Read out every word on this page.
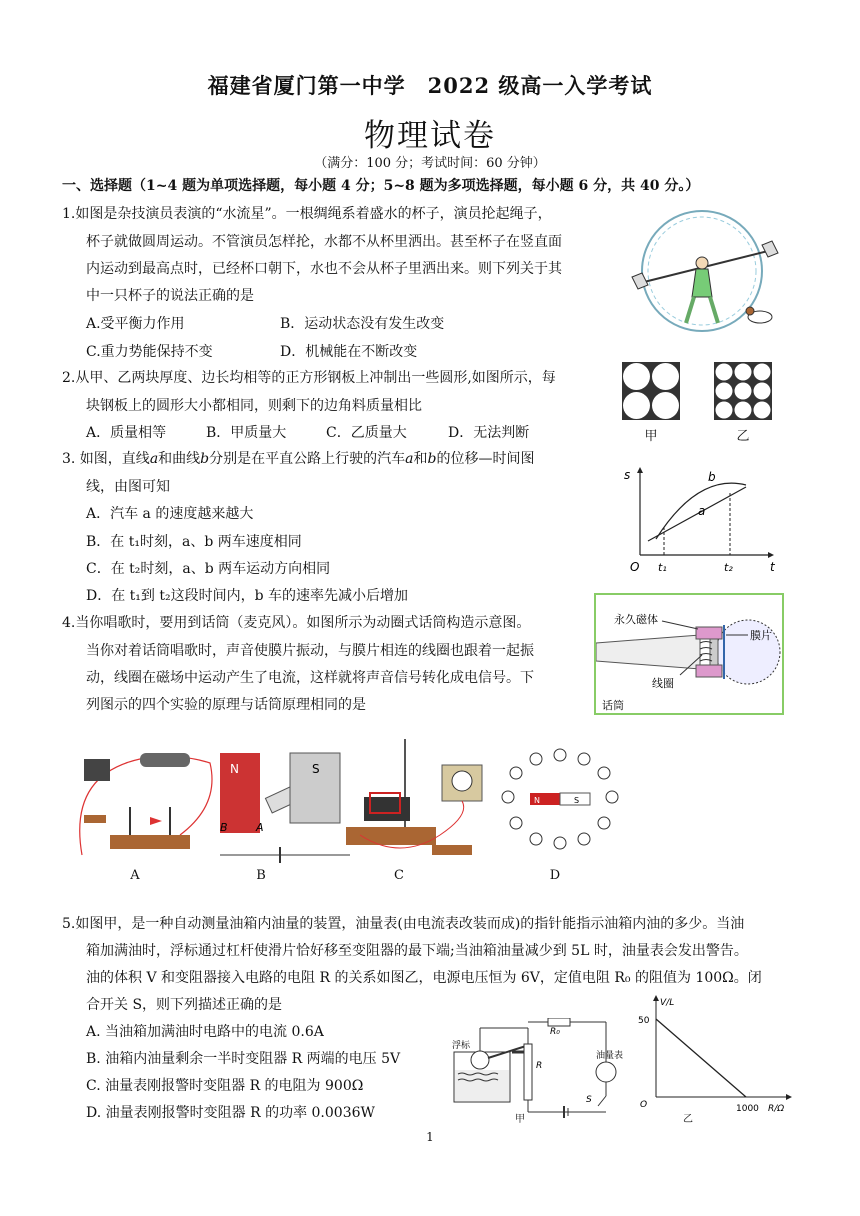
福建省厦门第一中学 2022 级高一入学考试
物理试卷
（满分：100 分；考试时间：60 分钟）
一、选择题（1~4 题为单项选择题，每小题 4 分；5~8 题为多项选择题，每小题 6 分，共 40 分。）
1.如图是杂技演员表演的“水流星”。一根绸绳系着盛水的杯子，演员抡起绳子，
杯子就做圆周运动。不管演员怎样抡，水都不从杯里洒出。甚至杯子在竖直面
内运动到最高点时，已经杯口朝下，水也不会从杯子里洒出来。则下列关于其
中一只杯子的说法正确的是
A.受平衡力作用	B．运动状态没有发生改变
C.重力势能保持不变	D．机械能在不断改变
2.从甲、乙两块厚度、边长均相等的正方形钢板上冲制出一些圆形,如图所示，每
块钢板上的圆形大小都相同，则剩下的边角料质量相比
A．质量相等	B．甲质量大	C．乙质量大	D．无法判断	甲	乙
3. 如图，直线a和曲线b分别是在平直公路上行驶的汽车a和b的位移—时间图
线，由图可知
A．汽车 a 的速度越来越大
B．在 t₁时刻，a、b 两车速度相同
C．在 t₂时刻，a、b 两车运动方向相同
D．在 t₁到 t₂这段时间内，b 车的速率先减小后增加
s
t
O t₁	t₂
a
b
4.当你唱歌时，要用到话筒（麦克风）。如图所示为动圈式话筒构造示意图。
当你对着话筒唱歌时，声音使膜片振动，与膜片相连的线圈也跟着一起振
动，线圈在磁场中运动产生了电流，这样就将声音信号转化成电信号。下
列图示的四个实验的原理与话筒原理相同的是
永久磁体
膜片
线圈
话筒
N	S
B	A
N	S
A	B	C	D
5.如图甲，是一种自动测量油箱内油量的装置，油量表(由电流表改装而成)的指针能指示油箱内油的多少。当油
箱加满油时，浮标通过杠杆使滑片恰好移至变阻器的最下端;当油箱油量减少到 5L 时，油量表会发出警告。
油的体积 V 和变阻器接入电路的电阻 R 的关系如图乙，电源电压恒为 6V，定值电阻 R₀ 的阻值为 100Ω。闭
合开关 S，则下列描述正确的是
A. 当油箱加满油时电路中的电流 0.6A
B. 油箱内油量剩余一半时变阻器 R 两端的电压 5V
C. 油量表刚报警时变阻器 R 的电阻为 900Ω
D. 油量表刚报警时变阻器 R 的功率 0.0036W
R₀
R
浮标
油量表
S
甲
V/L
50
O	1000 R/Ω
乙
1
